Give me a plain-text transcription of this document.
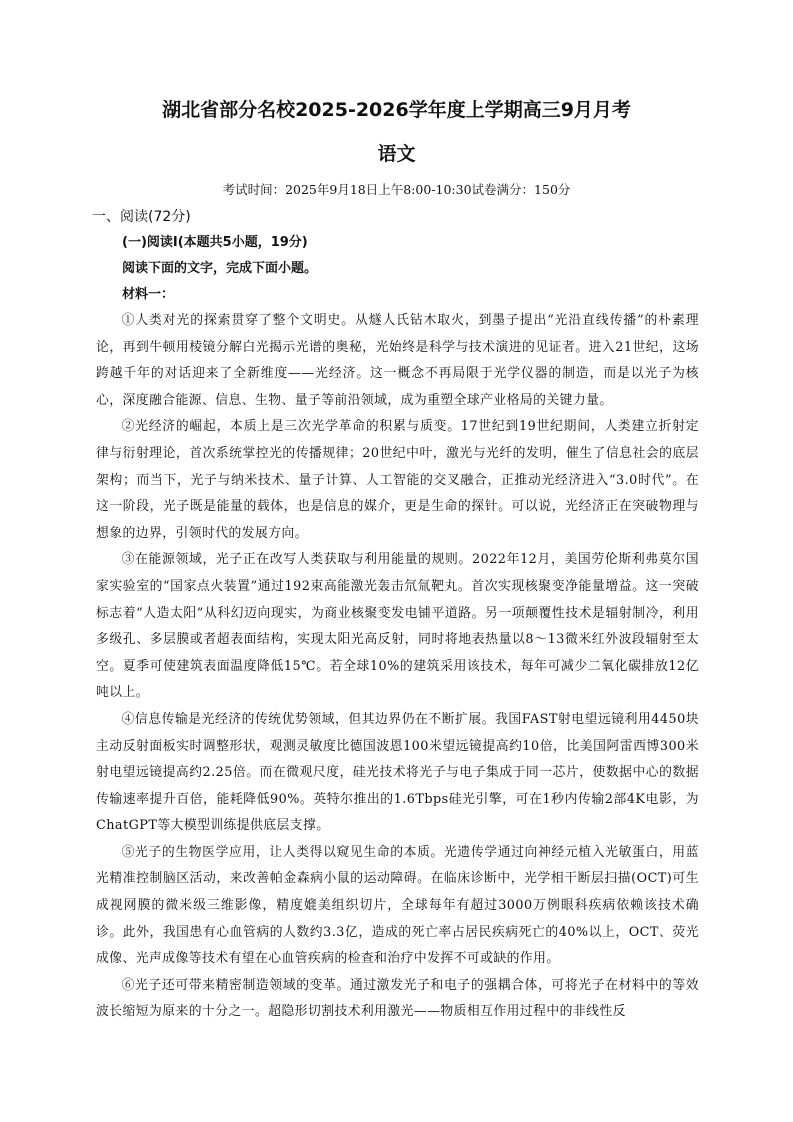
湖北省部分名校2025-2026学年度上学期高三9月月考
语文
考试时间：2025年9月18日上午8:00-10:30试卷满分：150分
一、阅读(72分)
(一)阅读Ⅰ(本题共5小题，19分)
阅读下面的文字，完成下面小题。
材料一：

①人类对光的探索贯穿了整个文明史。从燧人氏钻木取火，到墨子提出“光沿直线传播”的朴素理论，再到牛顿用棱镜分解白光揭示光谱的奥秘，光始终是科学与技术演进的见证者。进入21世纪，这场跨越千年的对话迎来了全新维度——光经济。这一概念不再局限于光学仪器的制造，而是以光子为核心，深度融合能源、信息、生物、量子等前沿领域，成为重塑全球产业格局的关键力量。

②光经济的崛起，本质上是三次光学革命的积累与质变。17世纪到19世纪期间，人类建立折射定律与衍射理论，首次系统掌控光的传播规律；20世纪中叶，激光与光纤的发明，催生了信息社会的底层架构；而当下，光子与纳米技术、量子计算、人工智能的交叉融合，正推动光经济进入“3.0时代”。在这一阶段，光子既是能量的载体，也是信息的媒介，更是生命的探针。可以说，光经济正在突破物理与想象的边界，引领时代的发展方向。

③在能源领域，光子正在改写人类获取与利用能量的规则。2022年12月，美国劳伦斯利弗莫尔国家实验室的“国家点火装置”通过192束高能激光轰击氘氚靶丸。首次实现核聚变净能量增益。这一突破标志着“人造太阳”从科幻迈向现实，为商业核聚变发电铺平道路。另一项颠覆性技术是辐射制冷，利用多级孔、多层膜或者超表面结构，实现太阳光高反射，同时将地表热量以8～13微米红外波段辐射至太空。夏季可使建筑表面温度降低15℃。若全球10%的建筑采用该技术，每年可减少二氧化碳排放12亿吨以上。

④信息传输是光经济的传统优势领域，但其边界仍在不断扩展。我国FAST射电望远镜利用4450块主动反射面板实时调整形状，观测灵敏度比德国波恩100米望远镜提高约10倍，比美国阿雷西博300米射电望远镜提高约2.25倍。而在微观尺度，硅光技术将光子与电子集成于同一芯片，使数据中心的数据传输速率提升百倍，能耗降低90%。英特尔推出的1.6Tbps硅光引擎，可在1秒内传输2部4K电影，为ChatGPT等大模型训练提供底层支撑。

⑤光子的生物医学应用，让人类得以窥见生命的本质。光遗传学通过向神经元植入光敏蛋白，用蓝光精准控制脑区活动，来改善帕金森病小鼠的运动障碍。在临床诊断中，光学相干断层扫描(OCT)可生成视网膜的微米级三维影像，精度媲美组织切片，全球每年有超过3000万例眼科疾病依赖该技术确诊。此外，我国患有心血管病的人数约3.3亿，造成的死亡率占居民疾病死亡的40%以上，OCT、荧光成像、光声成像等技术有望在心血管疾病的检查和治疗中发挥不可或缺的作用。

⑥光子还可带来精密制造领域的变革。通过激发光子和电子的强耦合体，可将光子在材料中的等效波长缩短为原来的十分之一。超隐形切割技术利用激光——物质相互作用过程中的非线性反
